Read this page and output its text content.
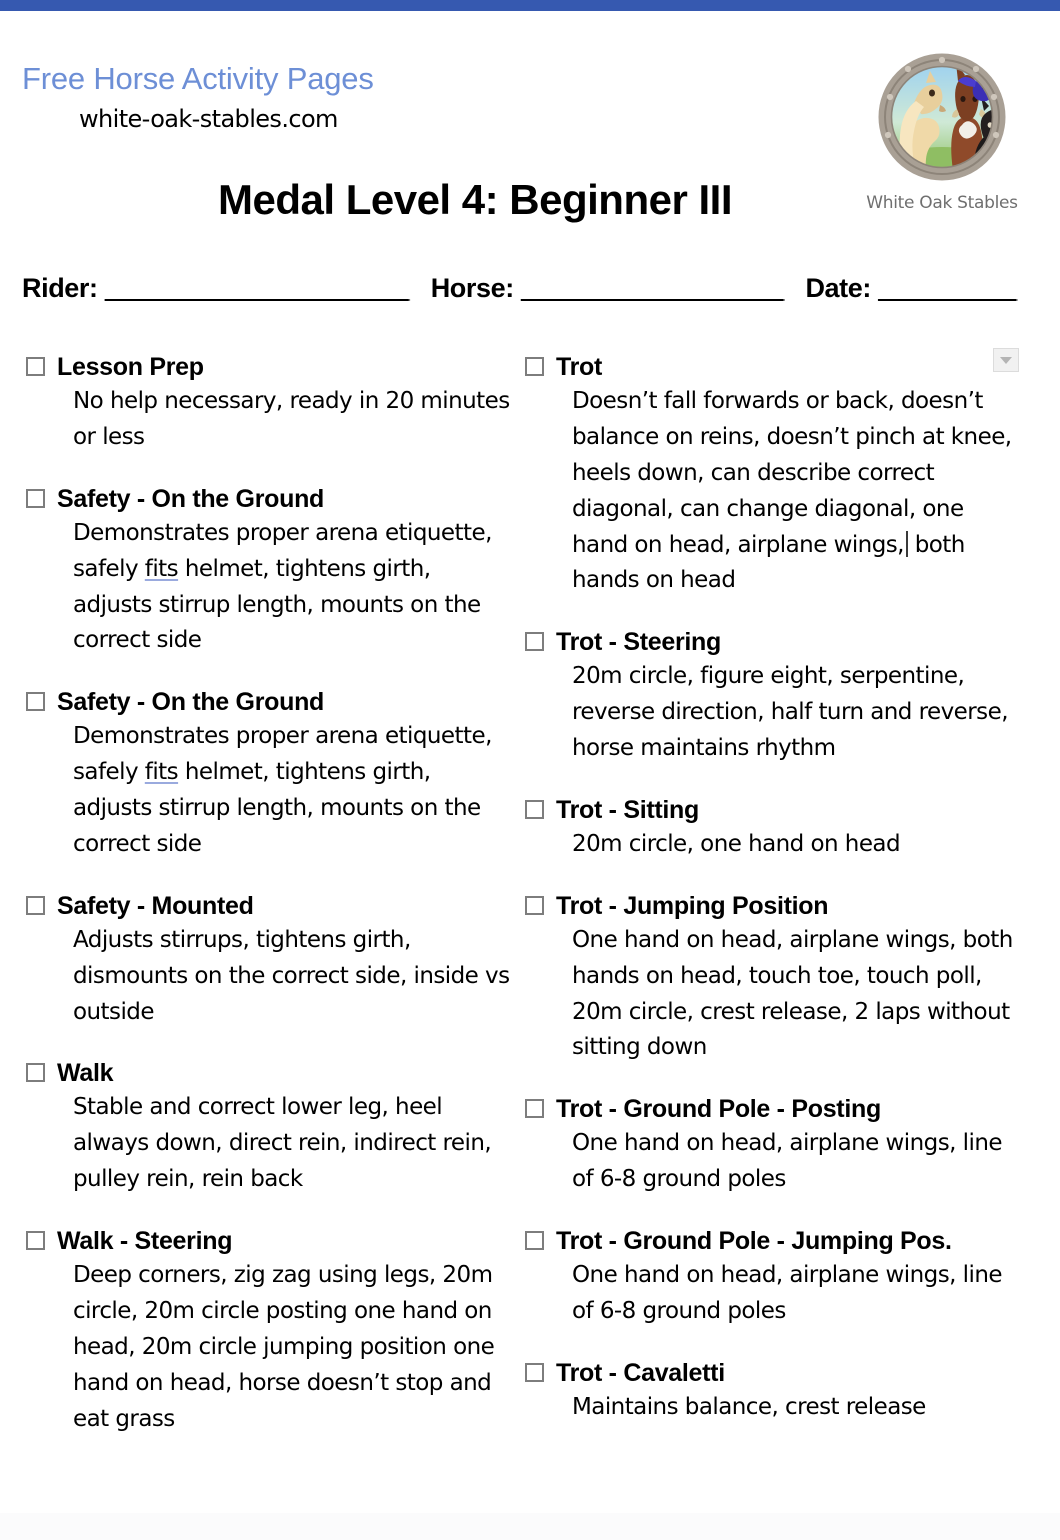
Free Horse Activity Pages
white-oak-stables.com
White Oak Stables
Medal Level 4: Beginner III
Rider: ______________________ Horse: ___________________ Date: __________
Lesson Prep
No help necessary, ready in 20 minutes or less
Safety - On the Ground
Demonstrates proper arena etiquette, safely fits helmet, tightens girth, adjusts stirrup length, mounts on the correct side
Safety - On the Ground
Demonstrates proper arena etiquette, safely fits helmet, tightens girth, adjusts stirrup length, mounts on the correct side
Safety - Mounted
Adjusts stirrups, tightens girth, dismounts on the correct side, inside vs outside
Walk
Stable and correct lower leg, heel always down, direct rein, indirect rein, pulley rein, rein back
Walk - Steering
Deep corners, zig zag using legs, 20m circle, 20m circle posting one hand on head, 20m circle jumping position one hand on head, horse doesn’t stop and eat grass
Trot
Doesn’t fall forwards or back, doesn’t balance on reins, doesn’t pinch at knee, heels down, can describe correct diagonal, can change diagonal, one hand on head, airplane wings, both hands on head
Trot - Steering
20m circle, figure eight, serpentine, reverse direction, half turn and reverse, horse maintains rhythm
Trot - Sitting
20m circle, one hand on head
Trot - Jumping Position
One hand on head, airplane wings, both hands on head, touch toe, touch poll, 20m circle, crest release, 2 laps without sitting down
Trot - Ground Pole - Posting
One hand on head, airplane wings, line of 6-8 ground poles
Trot - Ground Pole - Jumping Pos.
One hand on head, airplane wings, line of 6-8 ground poles
Trot - Cavaletti
Maintains balance, crest release
